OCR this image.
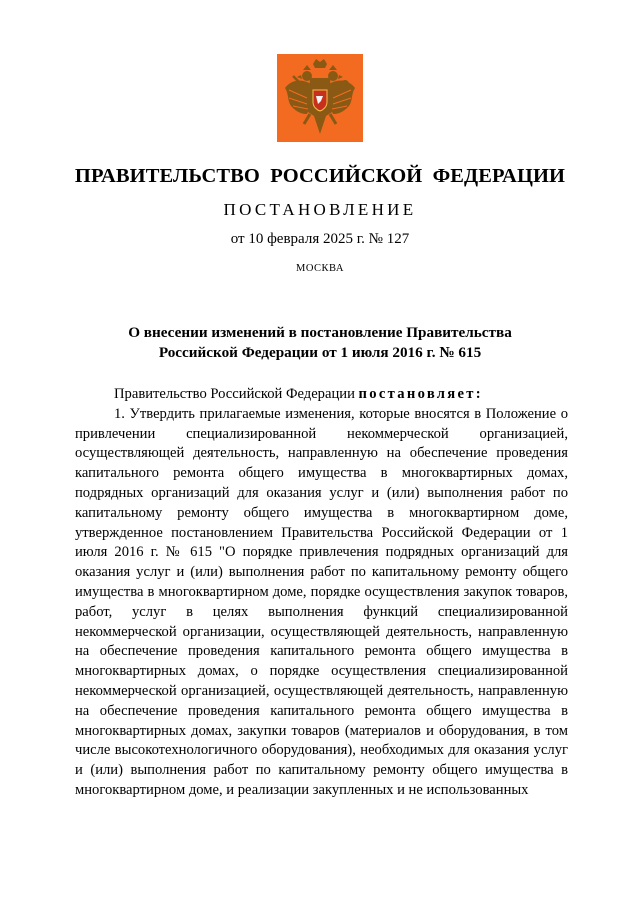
ПРАВИТЕЛЬСТВО РОССИЙСКОЙ ФЕДЕРАЦИИ
ПОСТАНОВЛЕНИЕ
от 10 февраля 2025 г. № 127
МОСКВА
О внесении изменений в постановление Правительства
Российской Федерации от 1 июля 2016 г. № 615

Правительство Российской Федерации постановляет:

1. Утвердить прилагаемые изменения, которые вносятся в Положение о привлечении специализированной некоммерческой организацией, осуществляющей деятельность, направленную на обеспечение проведения капитального ремонта общего имущества в многоквартирных домах, подрядных организаций для оказания услуг и (или) выполнения работ по капитальному ремонту общего имущества в многоквартирном доме, утвержденное постановлением Правительства Российской Федерации от 1 июля 2016 г. № 615 "О порядке привлечения подрядных организаций для оказания услуг и (или) выполнения работ по капитальному ремонту общего имущества в многоквартирном доме, порядке осуществления закупок товаров, работ, услуг в целях выполнения функций специализированной некоммерческой организации, осуществляющей деятельность, направленную на обеспечение проведения капитального ремонта общего имущества в многоквартирных домах, о порядке осуществления специализированной некоммерческой организацией, осуществляющей деятельность, направленную на обеспечение проведения капитального ремонта общего имущества в многоквартирных домах, закупки товаров (материалов и оборудования, в том числе высокотехнологичного оборудования), необходимых для оказания услуг и (или) выполнения работ по капитальному ремонту общего имущества в многоквартирном доме, и реализации закупленных и не использованных
